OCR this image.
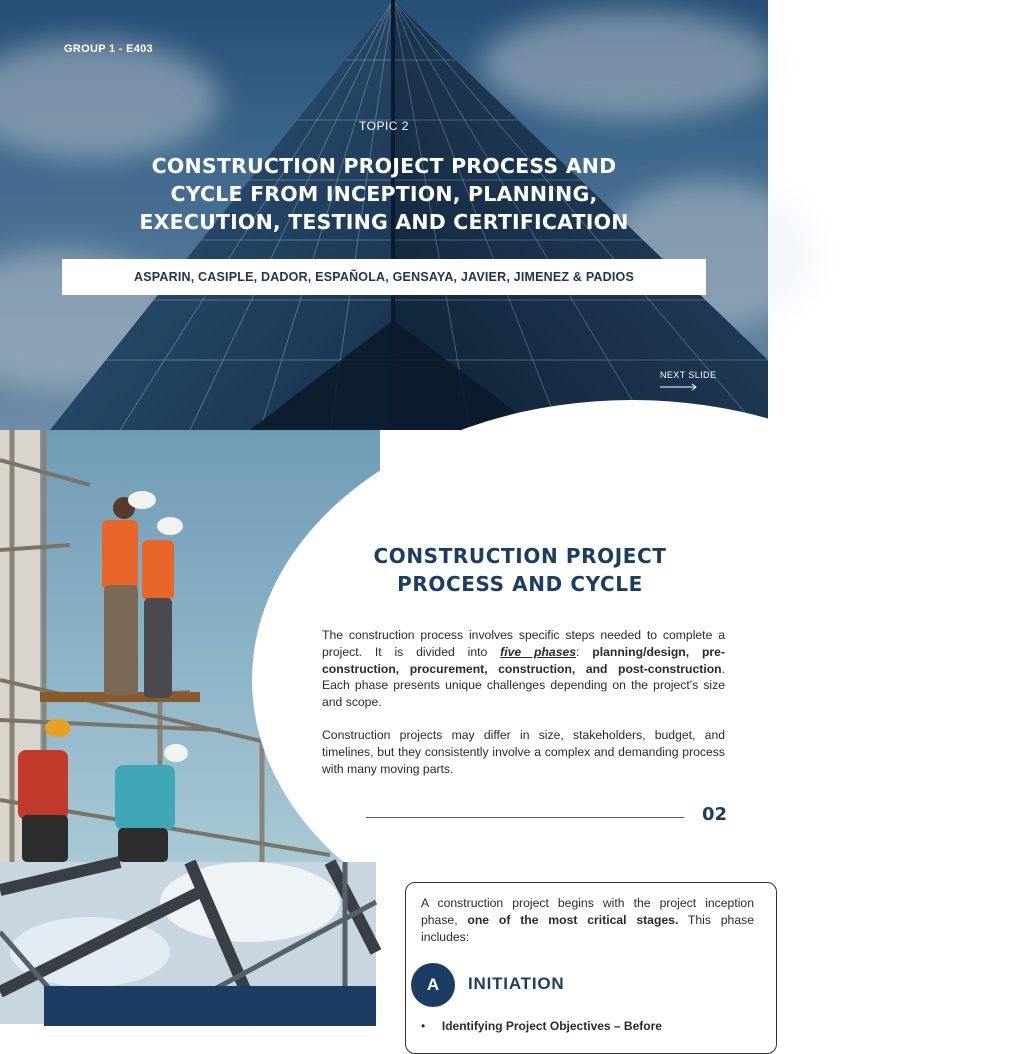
GROUP 1 - E403
TOPIC 2
CONSTRUCTION PROJECT PROCESS AND
CYCLE FROM INCEPTION, PLANNING,
EXECUTION, TESTING AND CERTIFICATION
ASPARIN, CASIPLE, DADOR, ESPAÑOLA, GENSAYA, JAVIER, JIMENEZ & PADIOS
NEXT SLIDE
CONSTRUCTION PROJECT
PROCESS AND CYCLE
The construction process involves specific steps needed to complete a project. It is divided into five phases: planning/design, pre-construction, procurement, construction, and post-construction. Each phase presents unique challenges depending on the project's size and scope.
Construction projects may differ in size, stakeholders, budget, and timelines, but they consistently involve a complex and demanding process with many moving parts.
02
A construction project begins with the project inception phase, one of the most critical stages. This phase includes:
A	INITIATION
•     Identifying Project Objectives – Before
